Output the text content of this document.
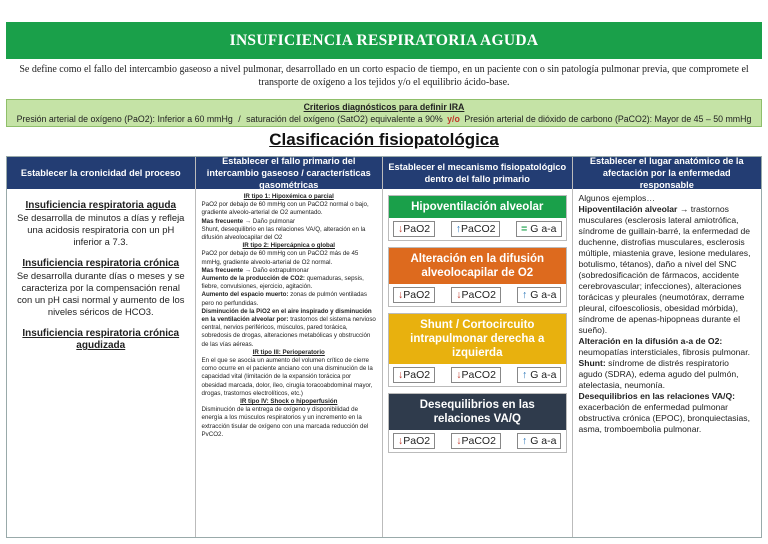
INSUFICIENCIA RESPIRATORIA AGUDA
Se define como el fallo del intercambio gaseoso a nivel pulmonar, desarrollado en un corto espacio de tiempo, en un paciente con o sin patología pulmonar previa, que compromete el transporte de oxígeno a los tejidos y/o el equilibrio ácido-base.
Criterios diagnósticos para definir IRA
Presión arterial de oxígeno (PaO2): Inferior a 60 mmHg / saturación del oxígeno (SatO2) equivalente a 90% y/o Presión arterial de dióxido de carbono (PaCO2): Mayor de 45 – 50 mmHg
Clasificación fisiopatológica
Establecer la cronicidad del proceso
Insuficiencia respiratoria aguda

Se desarrolla de minutos a días y refleja una acidosis respiratoria con un pH inferior a 7.3.

Insuficiencia respiratoria crónica

Se desarrolla durante días o meses y se caracteriza por la compensación renal con un pH casi normal y aumento de los niveles séricos de HCO3.

Insuficiencia respiratoria crónica agudizada
Establecer el fallo primario del intercambio gaseoso / características gasométricas
IR tipo 1: Hipoxémica o parcial
PaO2 por debajo de 60 mmHg con un PaCO2 normal o bajo, gradiente alveolo-arterial de O2 aumentado.
Mas frecuente → Daño pulmonar
Shunt, desequilibrio en las relaciones VA/Q, alteración en la difusión alveolocapilar del O2
IR tipo 2: Hipercápnica o global
PaO2 por debajo de 60 mmHg con un PaCO2 más de 45 mmHg, gradiente alveolo-arterial de O2 normal.
Mas frecuente → Daño extrapulmonar
Aumento de la producción de CO2: quemaduras, sepsis, fiebre, convulsiones, ejercicio, agitación.
Aumento del espacio muerto: zonas de pulmón ventiladas pero no perfundidas.
Disminución de la PiO2 en el aire inspirado y disminución en la ventilación alveolar por: trastornos del sistema nervioso central, nervios periféricos, músculos, pared torácica, sobredosis de drogas, alteraciones metabólicas y obstrucción de las vías aéreas.
IR tipo III: Perioperatorio
En el que se asocia un aumento del volumen crítico de cierre como ocurre en el paciente anciano con una disminución de la capacidad vital (limitación de la expansión torácica por obesidad marcada, dolor, íleo, cirugía toracoabdominal mayor, drogas, trastornos electrolíticos, etc.)
IR tipo IV: Shock o hipoperfusión
Disminución de la entrega de oxígeno y disponibilidad de energía a los músculos respiratorios y un incremento en la extracción tisular de oxígeno con una marcada reducción del PvCO2.
Establecer el mecanismo fisiopatológico dentro del fallo primario
Hipoventilación alveolar
↓PaO2	↑PaCO2	= G a-a
Alteración en la difusión alveolocapilar de O2
↓PaO2	↓PaCO2	↑ G a-a
Shunt / Cortocircuito intrapulmonar derecha a izquierda
↓PaO2	↓PaCO2	↑ G a-a
Desequilibrios en las relaciones VA/Q
↓PaO2	↓PaCO2	↑ G a-a
Establecer el lugar anatómico de la afectación por la enfermedad responsable
Algunos ejemplos…
Hipoventilación alveolar → trastornos musculares (esclerosis lateral amiotrófica, síndrome de guillain-barré, la enfermedad de duchenne, distrofias musculares, esclerosis múltiple, miastenia grave, lesione medulares, botulismo, tétanos), daño a nivel del SNC (sobredosificación de fármacos, accidente cerebrovascular; infecciones), alteraciones torácicas y pleurales (neumotórax, derrame pleural, cifoescoliosis, obesidad mórbida), síndrome de apenas-hipopneas durante el sueño).
Alteración en la difusión a-a de O2: neumopatías intersticiales, fibrosis pulmonar.
Shunt: síndrome de distrés respiratorio agudo (SDRA), edema agudo del pulmón, atelectasia, neumonía.
Desequilibrios en las relaciones VA/Q: exacerbación de enfermedad pulmonar obstructiva crónica (EPOC), bronquiectasias, asma, tromboembolia pulmonar.
